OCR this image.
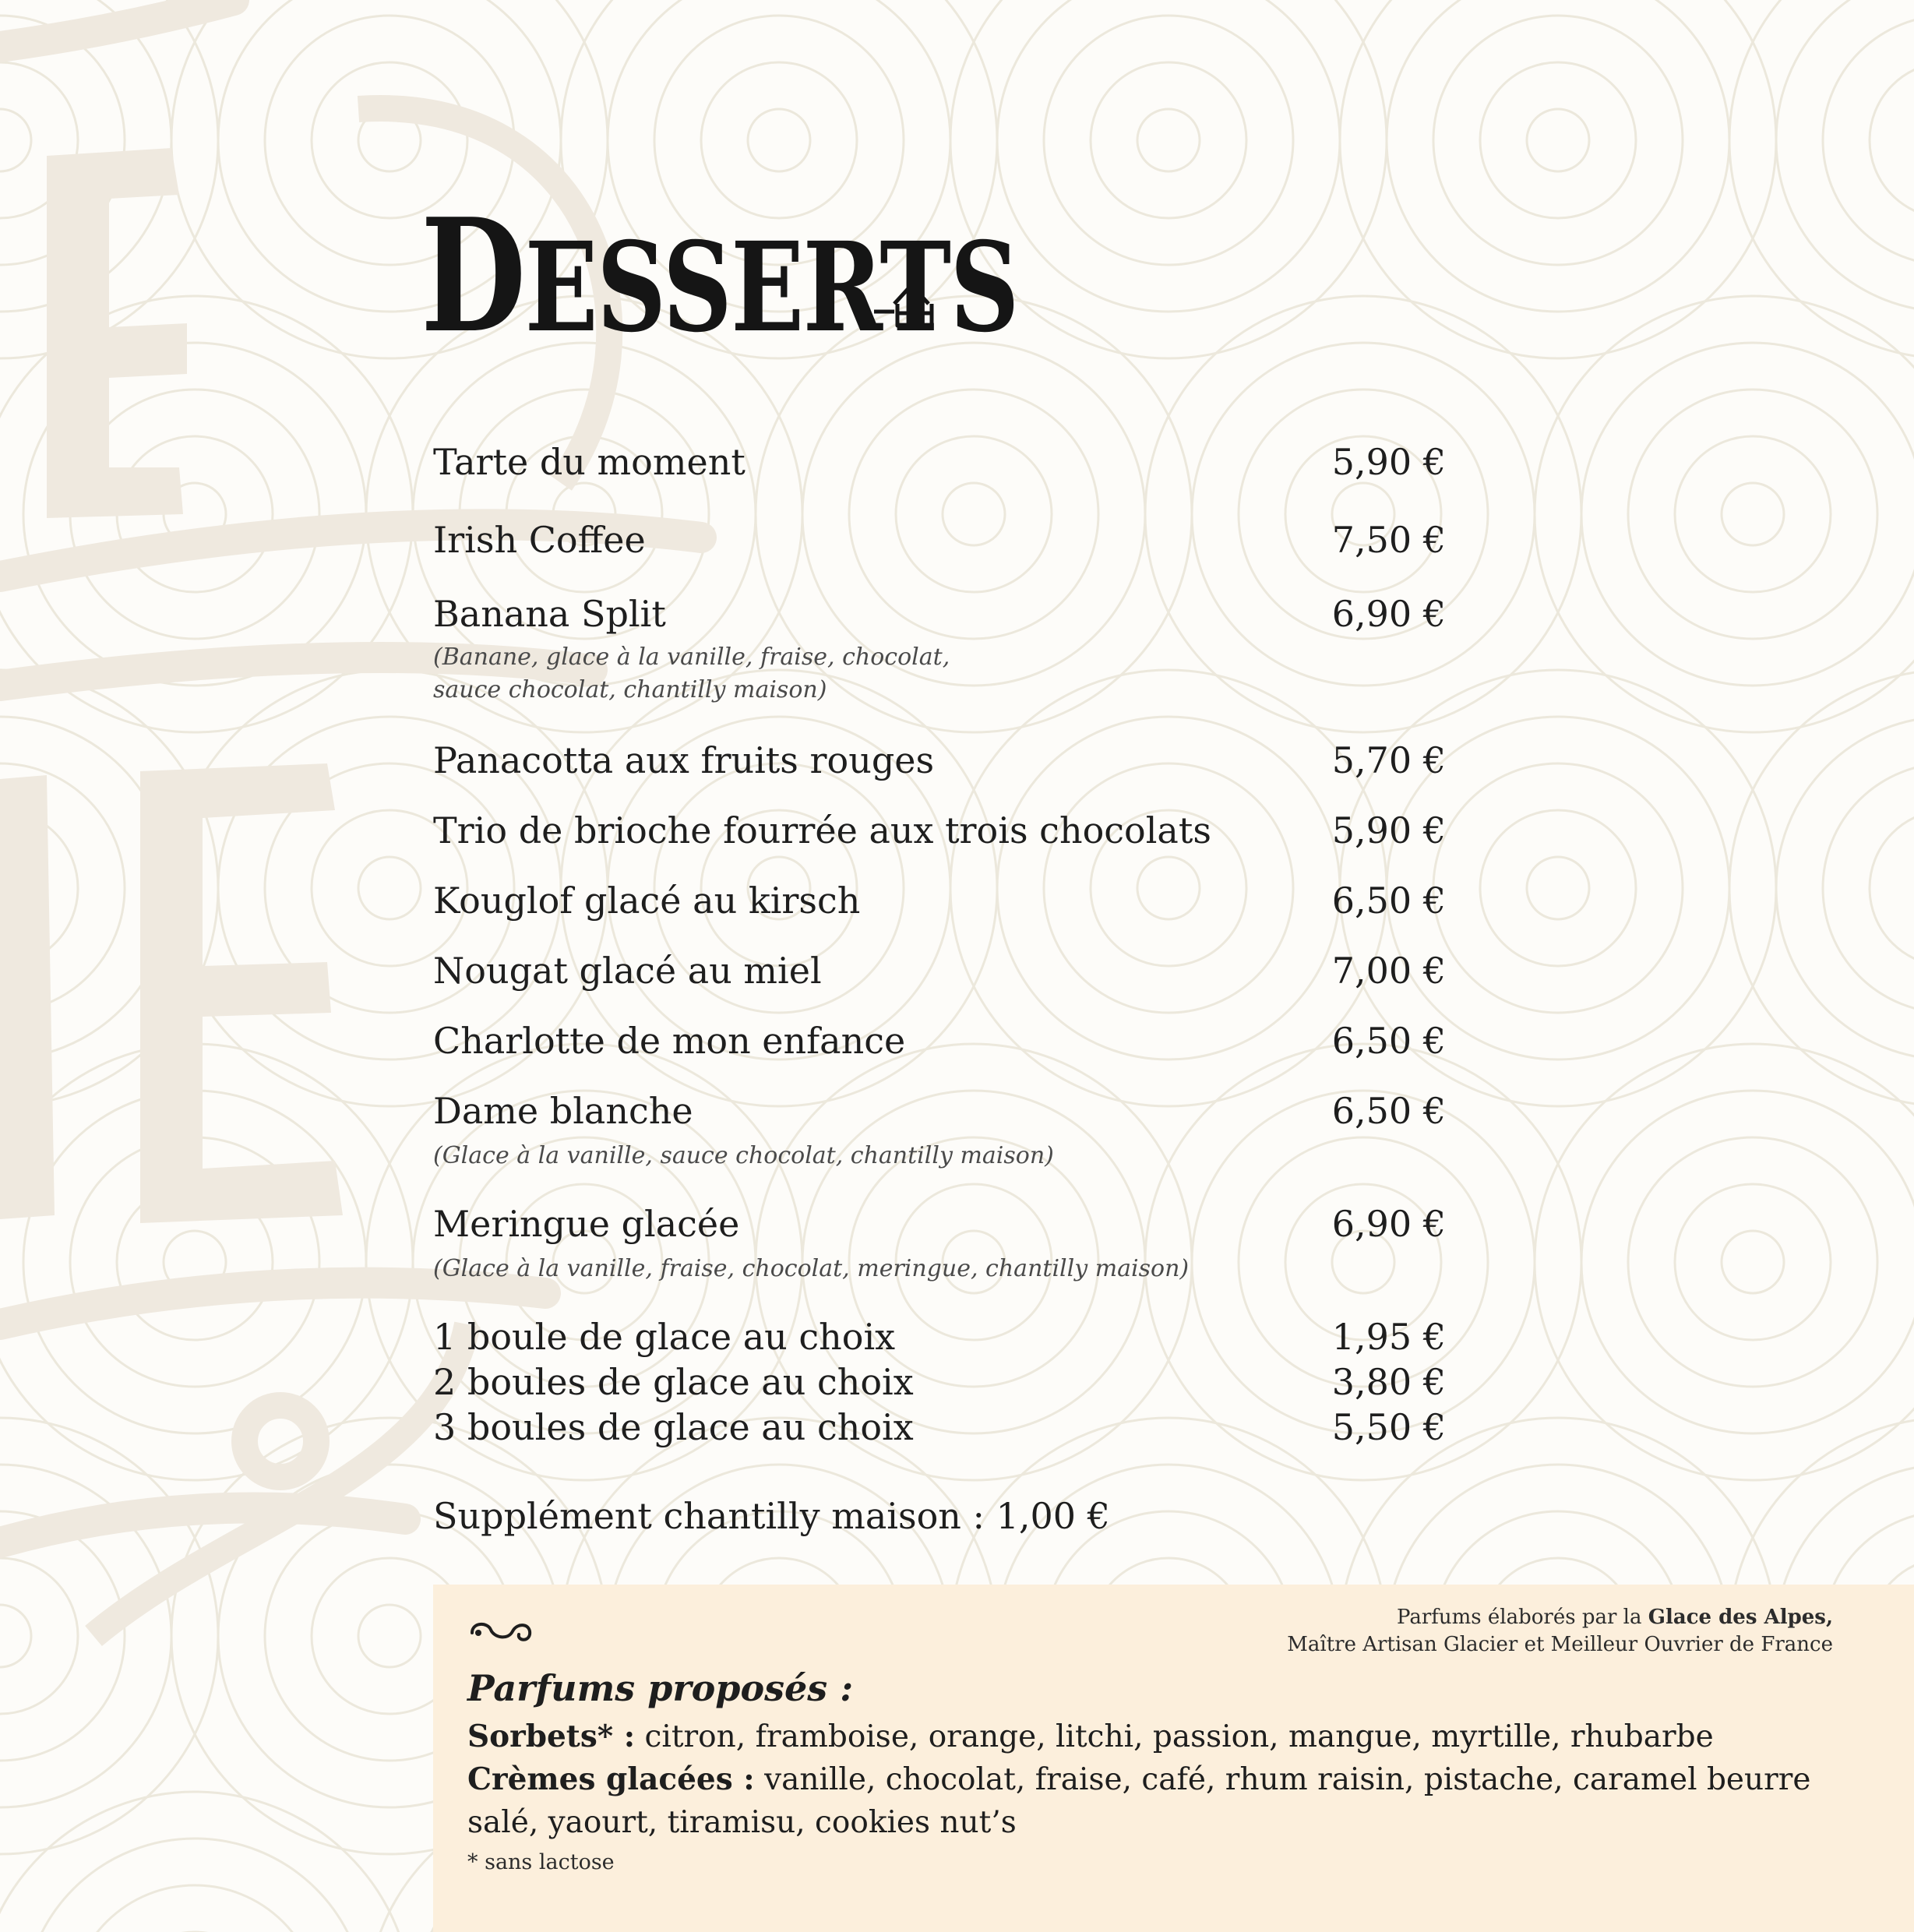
DESSERTS
Tarte du moment	5,90 €
Irish Coffee	7,50 €
Banana Split	6,90 €
(Banane, glace à la vanille, fraise, chocolat,
sauce chocolat, chantilly maison)
Panacotta aux fruits rouges	5,70 €
Trio de brioche fourrée aux trois chocolats	5,90 €
Kouglof glacé au kirsch	6,50 €
Nougat glacé au miel	7,00 €
Charlotte de mon enfance	6,50 €
Dame blanche	6,50 €
(Glace à la vanille, sauce chocolat, chantilly maison)
Meringue glacée	6,90 €
(Glace à la vanille, fraise, chocolat, meringue, chantilly maison)
1 boule de glace au choix	1,95 €
2 boules de glace au choix	3,80 €
3 boules de glace au choix	5,50 €
Supplément chantilly maison : 1,00 €
Parfums élaborés par la Glace des Alpes,
Maître Artisan Glacier et Meilleur Ouvrier de France
Parfums proposés :
Sorbets* : citron, framboise, orange, litchi, passion, mangue, myrtille, rhubarbe
Crèmes glacées : vanille, chocolat, fraise, café, rhum raisin, pistache, caramel beurre salé, yaourt, tiramisu, cookies nut’s
* sans lactose
